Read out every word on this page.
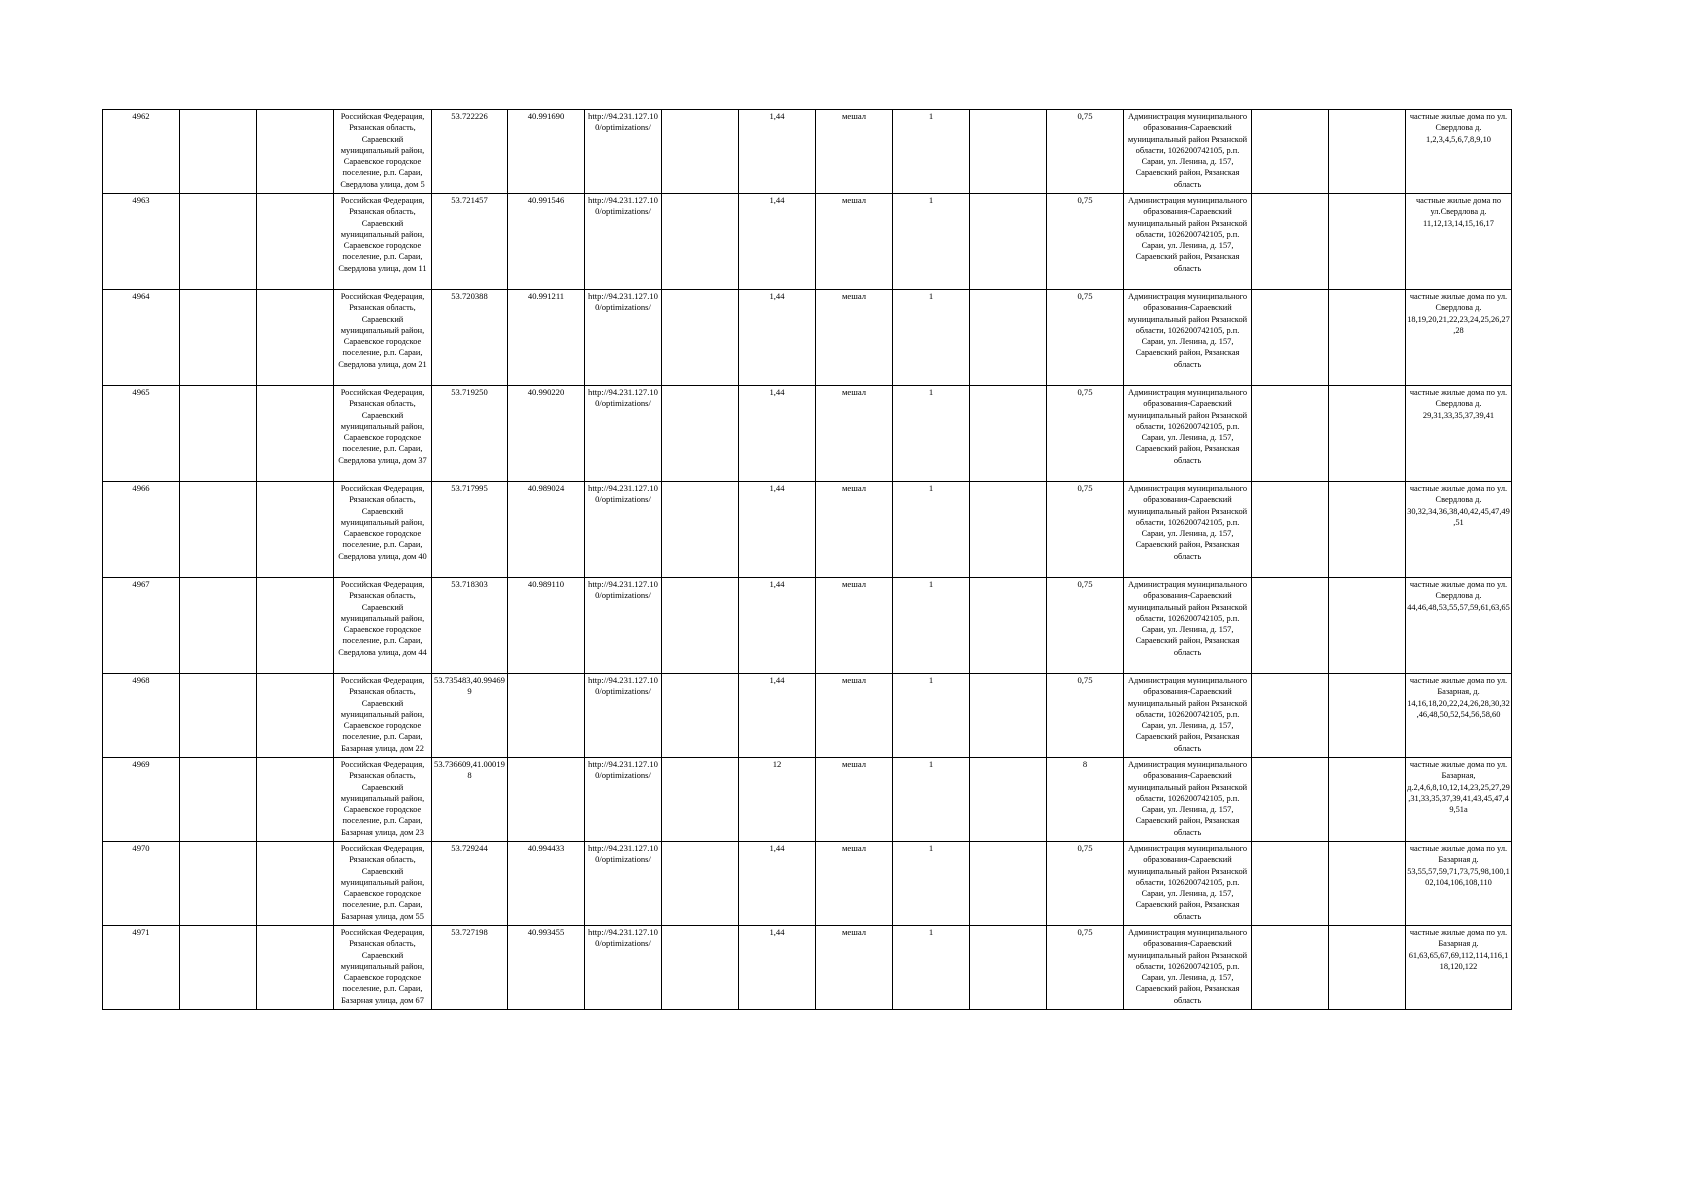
4962			Российская Федерация, Рязанская область, Сараевский муниципальный район, Сараевское городское поселение, р.п. Сараи, Свердлова улица, дом 5	53.722226	40.991690	http://94.231.127.100/optimizations/		1,44	мешал	1		0,75	Администрация муниципального образования-Сараевский муниципальный район Рязанской области, 1026200742105, р.п. Сараи, ул. Ленина, д. 157, Сараевский район, Рязанская область			частные жилые дома по ул. Свердлова д. 1,2,3,4,5,6,7,8,9,10
4963			Российская Федерация, Рязанская область, Сараевский муниципальный район, Сараевское городское поселение, р.п. Сараи, Свердлова улица, дом 11	53.721457	40.991546	http://94.231.127.100/optimizations/		1,44	мешал	1		0,75	Администрация муниципального образования-Сараевский муниципальный район Рязанской области, 1026200742105, р.п. Сараи, ул. Ленина, д. 157, Сараевский район, Рязанская область			частные жилые дома по ул.Свердлова д. 11,12,13,14,15,16,17
4964			Российская Федерация, Рязанская область, Сараевский муниципальный район, Сараевское городское поселение, р.п. Сараи, Свердлова улица, дом 21	53.720388	40.991211	http://94.231.127.100/optimizations/		1,44	мешал	1		0,75	Администрация муниципального образования-Сараевский муниципальный район Рязанской области, 1026200742105, р.п. Сараи, ул. Ленина, д. 157, Сараевский район, Рязанская область			частные жилые дома по ул. Свердлова д. 18,19,20,21,22,23,24,25,26,27,28
4965			Российская Федерация, Рязанская область, Сараевский муниципальный район, Сараевское городское поселение, р.п. Сараи, Свердлова улица, дом 37	53.719250	40.990220	http://94.231.127.100/optimizations/		1,44	мешал	1		0,75	Администрация муниципального образования-Сараевский муниципальный район Рязанской области, 1026200742105, р.п. Сараи, ул. Ленина, д. 157, Сараевский район, Рязанская область			частные жилые дома по ул. Свердлова д. 29,31,33,35,37,39,41
4966			Российская Федерация, Рязанская область, Сараевский муниципальный район, Сараевское городское поселение, р.п. Сараи, Свердлова улица, дом 40	53.717995	40.989024	http://94.231.127.100/optimizations/		1,44	мешал	1		0,75	Администрация муниципального образования-Сараевский муниципальный район Рязанской области, 1026200742105, р.п. Сараи, ул. Ленина, д. 157, Сараевский район, Рязанская область			частные жилые дома по ул. Свердлова д. 30,32,34,36,38,40,42,45,47,49,51
4967			Российская Федерация, Рязанская область, Сараевский муниципальный район, Сараевское городское поселение, р.п. Сараи, Свердлова улица, дом 44	53.718303	40.989110	http://94.231.127.100/optimizations/		1,44	мешал	1		0,75	Администрация муниципального образования-Сараевский муниципальный район Рязанской области, 1026200742105, р.п. Сараи, ул. Ленина, д. 157, Сараевский район, Рязанская область			частные жилые дома по ул. Свердлова д. 44,46,48,53,55,57,59,61,63,65
4968			Российская Федерация, Рязанская область, Сараевский муниципальный район, Сараевское городское поселение, р.п. Сараи, Базарная улица, дом 22	53.735483,40.994699		http://94.231.127.100/optimizations/		1,44	мешал	1		0,75	Администрация муниципального образования-Сараевский муниципальный район Рязанской области, 1026200742105, р.п. Сараи, ул. Ленина, д. 157, Сараевский район, Рязанская область			частные жилые дома по ул. Базарная, д. 14,16,18,20,22,24,26,28,30,32,46,48,50,52,54,56,58,60
4969			Российская Федерация, Рязанская область, Сараевский муниципальный район, Сараевское городское поселение, р.п. Сараи, Базарная улица, дом 23	53.736609,41.000198		http://94.231.127.100/optimizations/		12	мешал	1		8	Администрация муниципального образования-Сараевский муниципальный район Рязанской области, 1026200742105, р.п. Сараи, ул. Ленина, д. 157, Сараевский район, Рязанская область			частные жилые дома по ул. Базарная, д.2,4,6,8,10,12,14,23,25,27,29,31,33,35,37,39,41,43,45,47,49,51а
4970			Российская Федерация, Рязанская область, Сараевский муниципальный район, Сараевское городское поселение, р.п. Сараи, Базарная улица, дом 55	53.729244	40.994433	http://94.231.127.100/optimizations/		1,44	мешал	1		0,75	Администрация муниципального образования-Сараевский муниципальный район Рязанской области, 1026200742105, р.п. Сараи, ул. Ленина, д. 157, Сараевский район, Рязанская область			частные жилые дома по ул. Базарная д. 53,55,57,59,71,73,75,98,100,102,104,106,108,110
4971			Российская Федерация, Рязанская область, Сараевский муниципальный район, Сараевское городское поселение, р.п. Сараи, Базарная улица, дом 67	53.727198	40.993455	http://94.231.127.100/optimizations/		1,44	мешал	1		0,75	Администрация муниципального образования-Сараевский муниципальный район Рязанской области, 1026200742105, р.п. Сараи, ул. Ленина, д. 157, Сараевский район, Рязанская область			частные жилые дома по ул. Базарная д. 61,63,65,67,69,112,114,116,118,120,122
